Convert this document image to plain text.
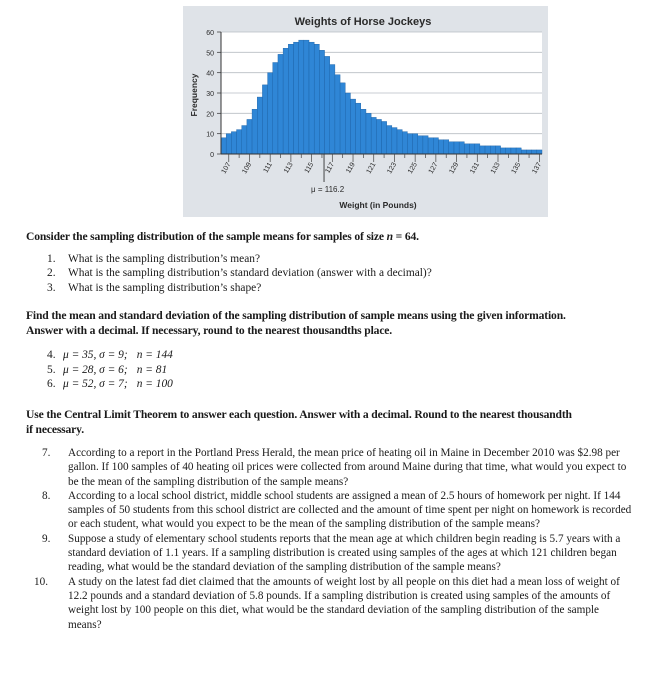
Weights of Horse Jockeys
0
10
20
30
40
50
60
107 109 111 113 115 117 119 121 123 125 127 129 131 133 135 137
Frequency
μ = 116.2
Weight (in Pounds)
Consider the sampling distribution of the sample means for samples of size n = 64.
1. What is the sampling distribution’s mean?
2. What is the sampling distribution’s standard deviation (answer with a decimal)?
3. What is the sampling distribution’s shape?
Find the mean and standard deviation of the sampling distribution of sample means using the given information.
Answer with a decimal. If necessary, round to the nearest thousandths place.
4. μ = 35, σ = 9; n = 144
5. μ = 28, σ = 6; n = 81
6. μ = 52, σ = 7; n = 100
Use the Central Limit Theorem to answer each question. Answer with a decimal. Round to the nearest thousandth
if necessary.
7. According to a report in the Portland Press Herald, the mean price of heating oil in Maine in December 2010 was $2.98 per gallon. If 100 samples of 40 heating oil prices were collected from around Maine during that time, what would you expect to be the mean of the sampling distribution of the sample means?
8. According to a local school district, middle school students are assigned a mean of 2.5 hours of homework per night. If 144 samples of 50 students from this school district are collected and the amount of time spent per night on homework is recorded or each student, what would you expect to be the mean of the sampling distribution of the sample means?
9. Suppose a study of elementary school students reports that the mean age at which children begin reading is 5.7 years with a standard deviation of 1.1 years. If a sampling distribution is created using samples of the ages at which 121 children began reading, what would be the standard deviation of the sampling distribution of the sample means?
10. A study on the latest fad diet claimed that the amounts of weight lost by all people on this diet had a mean loss of weight of 12.2 pounds and a standard deviation of 5.8 pounds. If a sampling distribution is created using samples of the amounts of weight lost by 100 people on this diet, what would be the standard deviation of the sampling distribution of the sample means?
